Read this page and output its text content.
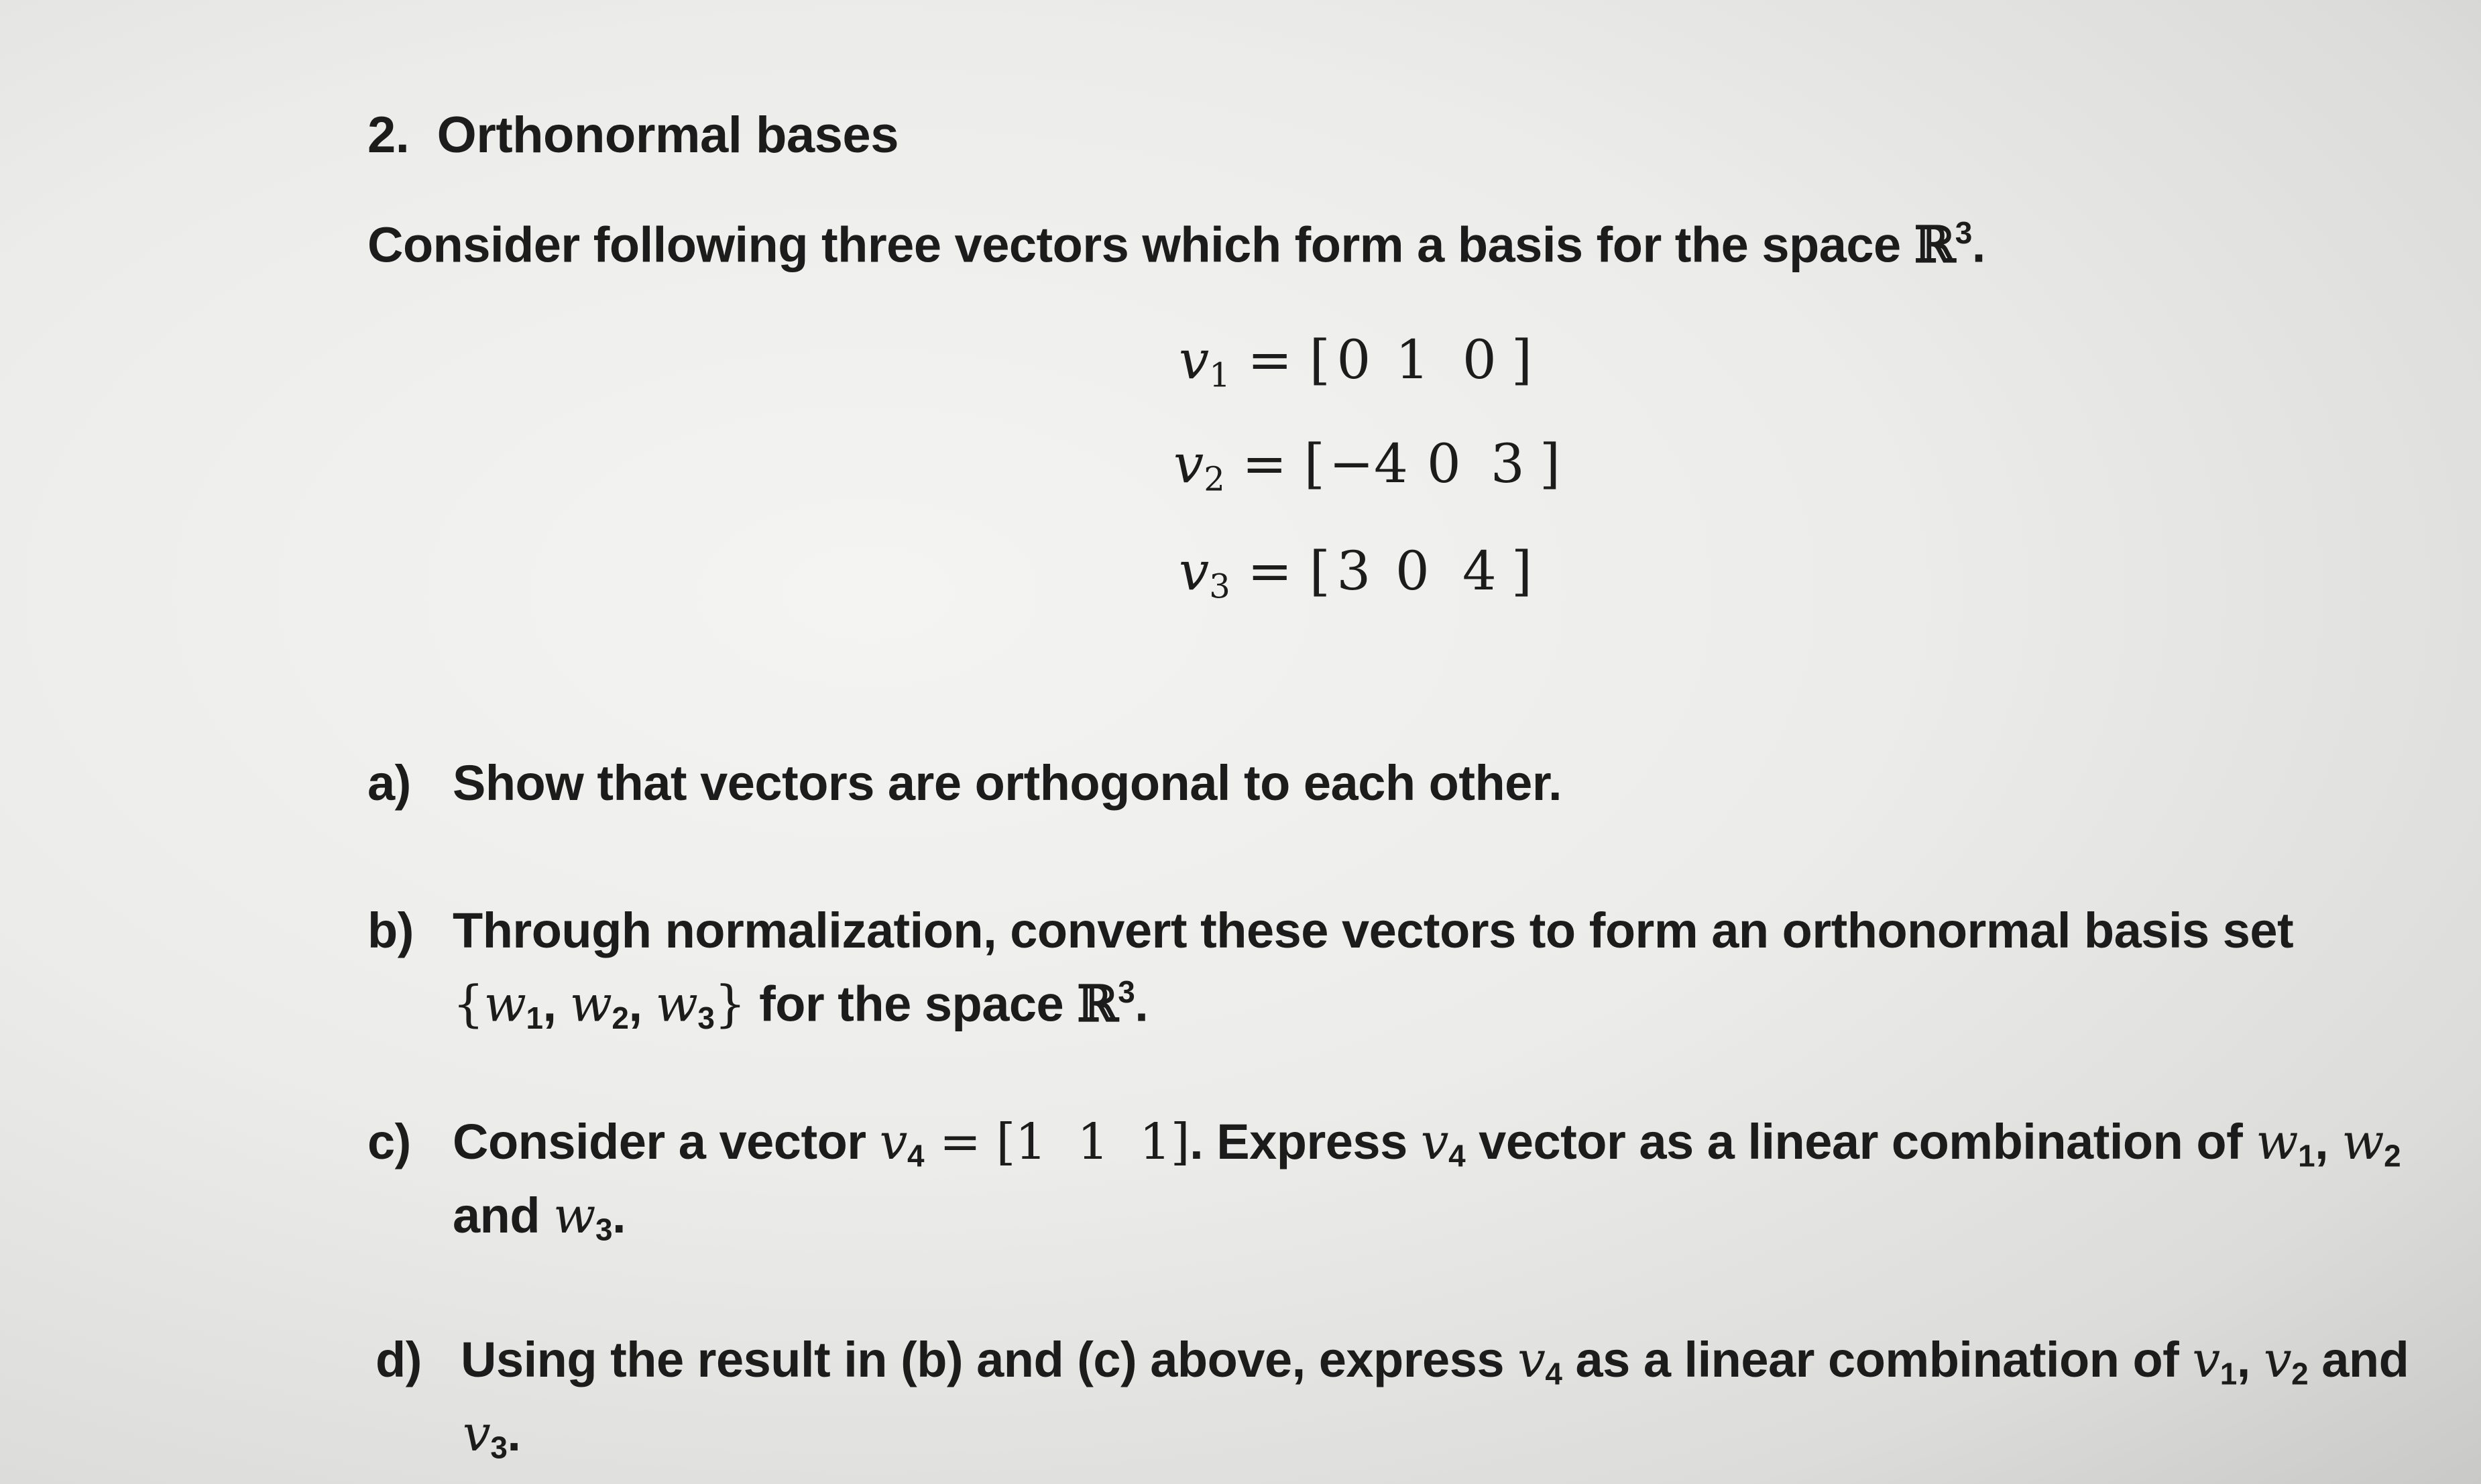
2. Orthonormal bases
Consider following three vectors which form a basis for the space ℝ$^3$.
$v_1$ = [ 0 1 0 ]
$v_2 = [-4$ 0 3 ]
$v_3$ = [ 3 0 4 ]
a) Show that vectors are orthogonal to each other.
b) Through normalization, convert these vectors to form an orthonormal basis set
{$w_1$, $w_2$, $w_3$} for the space ℝ$^3$.
c) Consider a vector $v_4 = [1$  1  1]. Express $v_4$ vector as a linear combination of $w_1$, $w_2$
and $w_3$.
d) Using the result in (b) and (c) above, express $v_4$ as a linear combination of $v_1$, $v_2$ and
$v_3$.
